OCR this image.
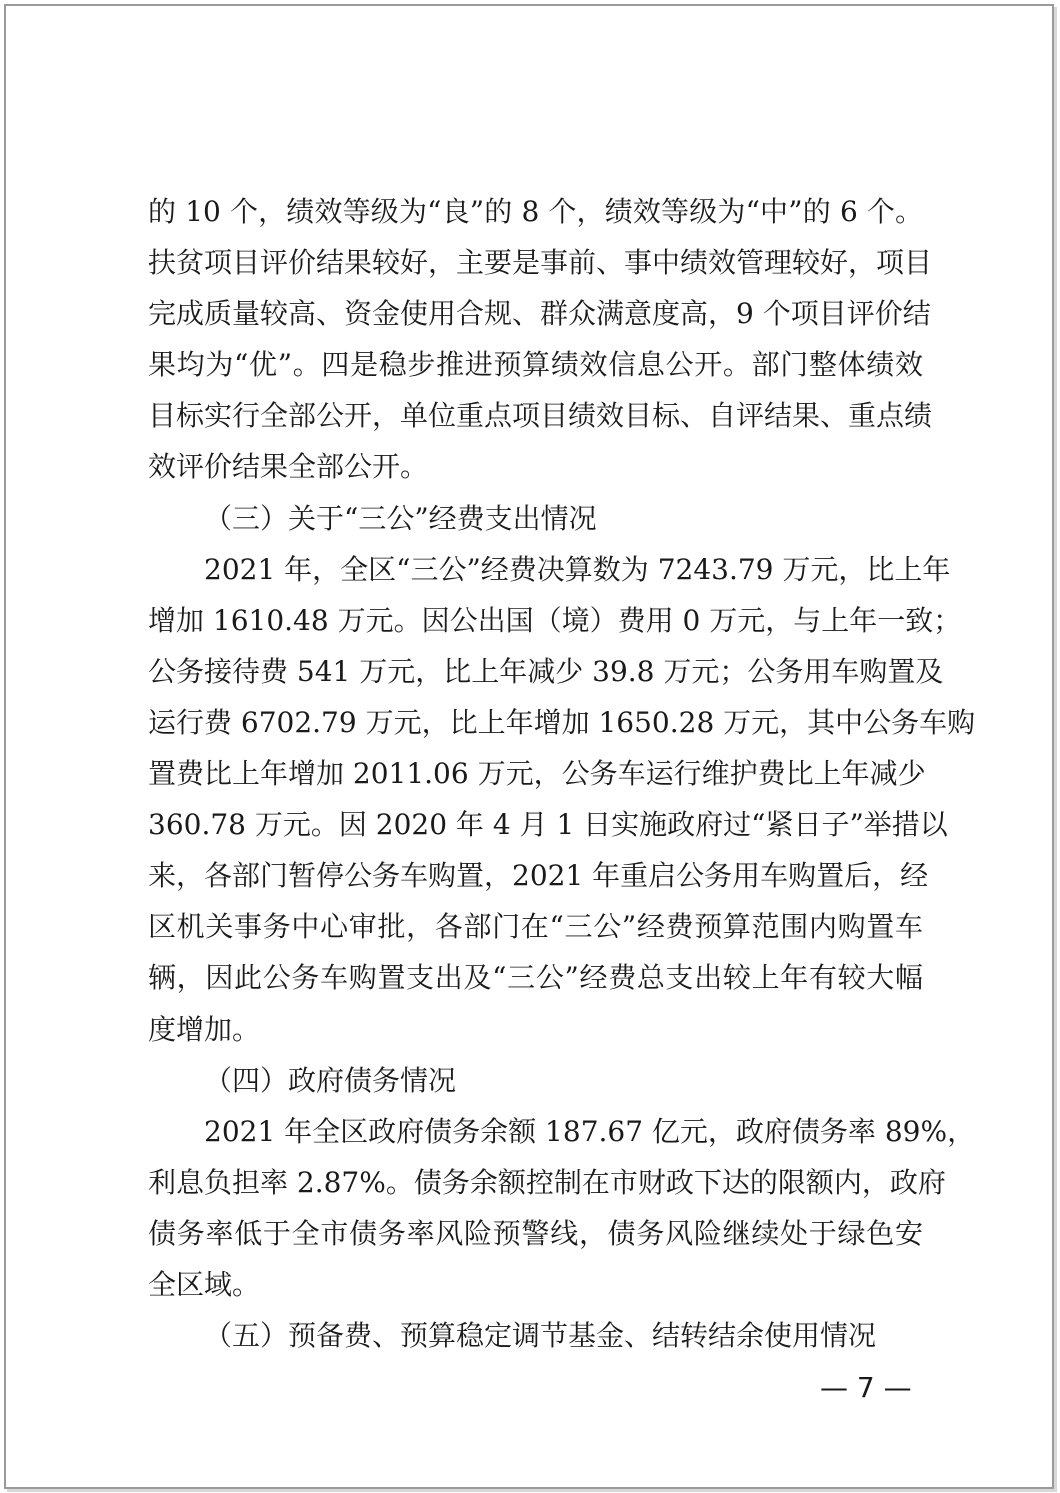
的 10 个，绩效等级为“良”的 8 个，绩效等级为“中”的 6 个。
扶贫项目评价结果较好，主要是事前、事中绩效管理较好，项目
完成质量较高、资金使用合规、群众满意度高，9 个项目评价结
果均为“优”。四是稳步推进预算绩效信息公开。部门整体绩效
目标实行全部公开，单位重点项目绩效目标、自评结果、重点绩
效评价结果全部公开。
（三）关于“三公”经费支出情况
2021 年，全区“三公”经费决算数为 7243.79 万元，比上年
增加 1610.48 万元。因公出国（境）费用 0 万元，与上年一致；
公务接待费 541 万元，比上年减少 39.8 万元；公务用车购置及
运行费 6702.79 万元，比上年增加 1650.28 万元，其中公务车购
置费比上年增加 2011.06 万元，公务车运行维护费比上年减少
360.78 万元。因 2020 年 4 月 1 日实施政府过“紧日子”举措以
来，各部门暂停公务车购置，2021 年重启公务用车购置后，经
区机关事务中心审批，各部门在“三公”经费预算范围内购置车
辆，因此公务车购置支出及“三公”经费总支出较上年有较大幅
度增加。
（四）政府债务情况
2021 年全区政府债务余额 187.67 亿元，政府债务率 89%，
利息负担率 2.87%。债务余额控制在市财政下达的限额内，政府
债务率低于全市债务率风险预警线，债务风险继续处于绿色安
全区域。
（五）预备费、预算稳定调节基金、结转结余使用情况
— 7 —
